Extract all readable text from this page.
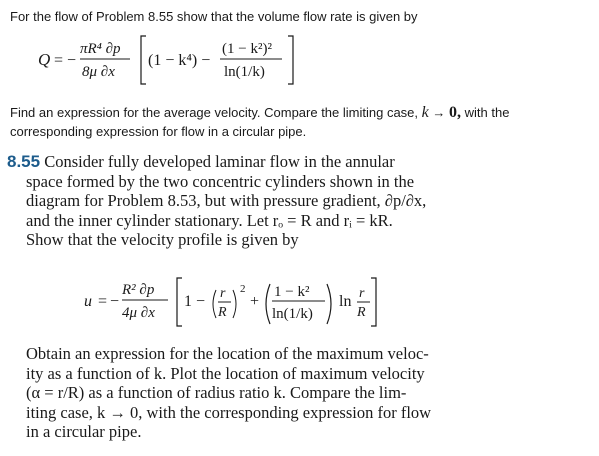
For the flow of Problem 8.55 show that the volume flow rate is given by
Q = −
πR⁴ ∂p
8μ ∂x
(1 − k⁴) −
(1 − k²)²
ln(1/k)
Find an expression for the average velocity. Compare the limiting case, k → 0, with the
corresponding expression for flow in a circular pipe.
8.55 Consider fully developed laminar flow in the annular
space formed by the two concentric cylinders shown in the
diagram for Problem 8.53, but with pressure gradient, ∂p/∂x,
and the inner cylinder stationary. Let rₒ = R and rᵢ = kR.
Show that the velocity profile is given by
u = −
R² ∂p
4μ ∂x
1 − r
R
2
+
1 − k²
ln(1/k)
ln r
R
Obtain an expression for the location of the maximum veloc-
ity as a function of k. Plot the location of maximum velocity
(α = r/R) as a function of radius ratio k. Compare the lim-
iting case, k → 0, with the corresponding expression for flow
in a circular pipe.
